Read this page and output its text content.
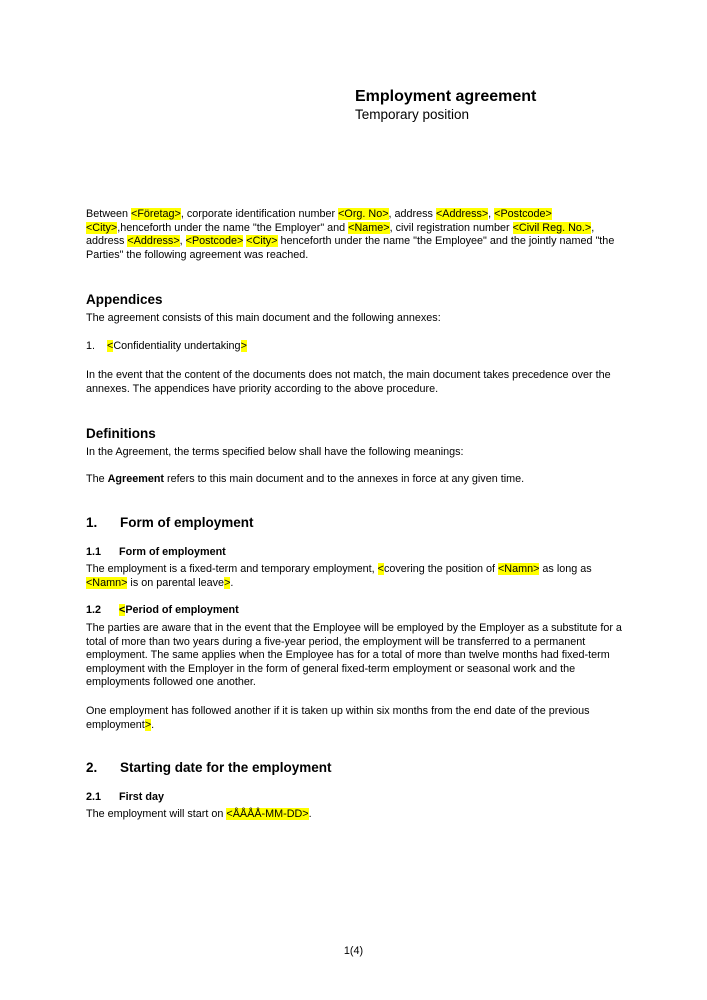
Employment agreement

Temporary position

Between <Företag>, corporate identification number <Org. No>, address <Address>, <Postcode> <City>,henceforth under the name "the Employer" and <Name>, civil registration number <Civil Reg. No.>, address <Address>, <Postcode> <City> henceforth under the name "the Employee" and the jointly named "the Parties" the following agreement was reached.

Appendices

The agreement consists of this main document and the following annexes:

1. <Confidentiality undertaking>

In the event that the content of the documents does not match, the main document takes precedence over the annexes. The appendices have priority according to the above procedure.

Definitions

In the Agreement, the terms specified below shall have the following meanings:

The Agreement refers to this main document and to the annexes in force at any given time.

1. Form of employment

1.1 Form of employment

The employment is a fixed-term and temporary employment, <covering the position of <Namn> as long as <Namn> is on parental leave>.

1.2 <Period of employment

The parties are aware that in the event that the Employee will be employed by the Employer as a substitute for a total of more than two years during a five-year period, the employment will be transferred to a permanent employment. The same applies when the Employee has for a total of more than twelve months had fixed-term employment with the Employer in the form of general fixed-term employment or seasonal work and the employments followed one another.

One employment has followed another if it is taken up within six months from the end date of the previous employment>.

2. Starting date for the employment

2.1 First day

The employment will start on <ÅÅÅÅ-MM-DD>.

1(4)
